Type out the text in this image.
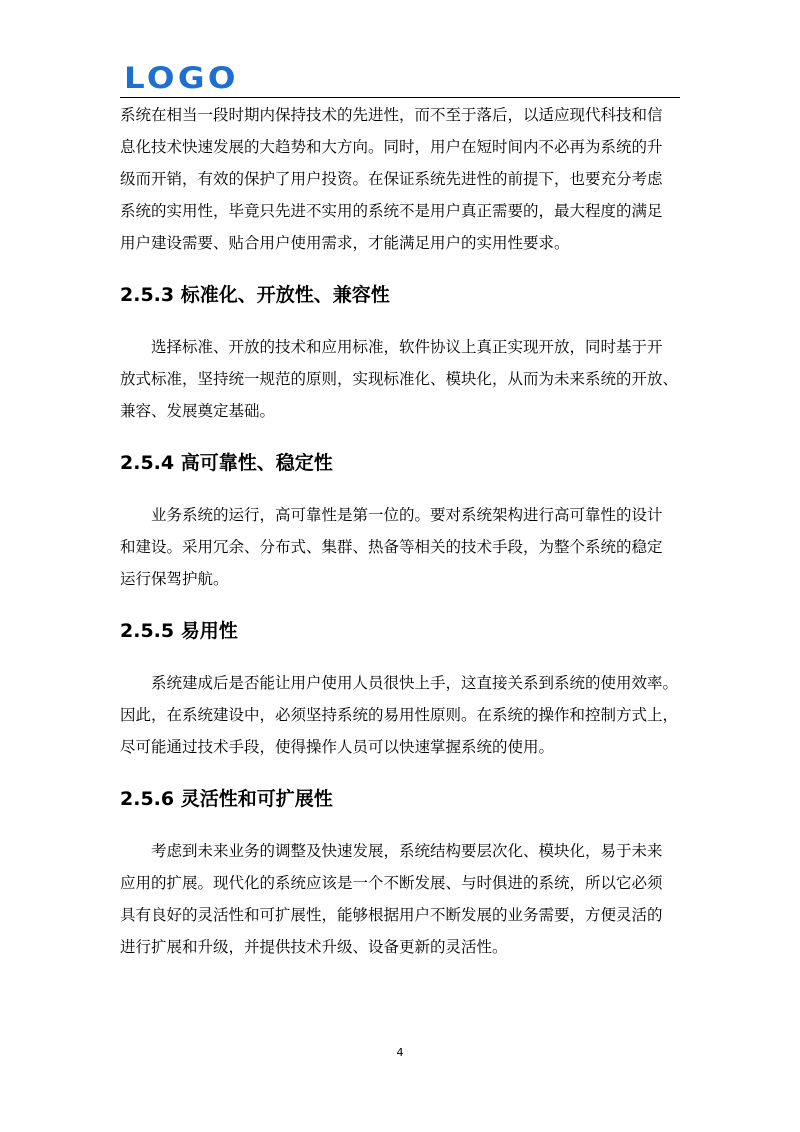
LOGO

系统在相当一段时期内保持技术的先进性，而不至于落后，以适应现代科技和信
息化技术快速发展的大趋势和大方向。同时，用户在短时间内不必再为系统的升
级而开销，有效的保护了用户投资。在保证系统先进性的前提下，也要充分考虑
系统的实用性，毕竟只先进不实用的系统不是用户真正需要的，最大程度的满足
用户建设需要、贴合用户使用需求，才能满足用户的实用性要求。

2.5.3 标准化、开放性、兼容性

选择标准、开放的技术和应用标准，软件协议上真正实现开放，同时基于开
放式标准，坚持统一规范的原则，实现标准化、模块化，从而为未来系统的开放、
兼容、发展奠定基础。

2.5.4 高可靠性、稳定性

业务系统的运行，高可靠性是第一位的。要对系统架构进行高可靠性的设计
和建设。采用冗余、分布式、集群、热备等相关的技术手段，为整个系统的稳定
运行保驾护航。

2.5.5 易用性

系统建成后是否能让用户使用人员很快上手，这直接关系到系统的使用效率。
因此，在系统建设中，必须坚持系统的易用性原则。在系统的操作和控制方式上，
尽可能通过技术手段，使得操作人员可以快速掌握系统的使用。

2.5.6 灵活性和可扩展性

考虑到未来业务的调整及快速发展，系统结构要层次化、模块化，易于未来
应用的扩展。现代化的系统应该是一个不断发展、与时俱进的系统，所以它必须
具有良好的灵活性和可扩展性，能够根据用户不断发展的业务需要，方便灵活的
进行扩展和升级，并提供技术升级、设备更新的灵活性。

4
